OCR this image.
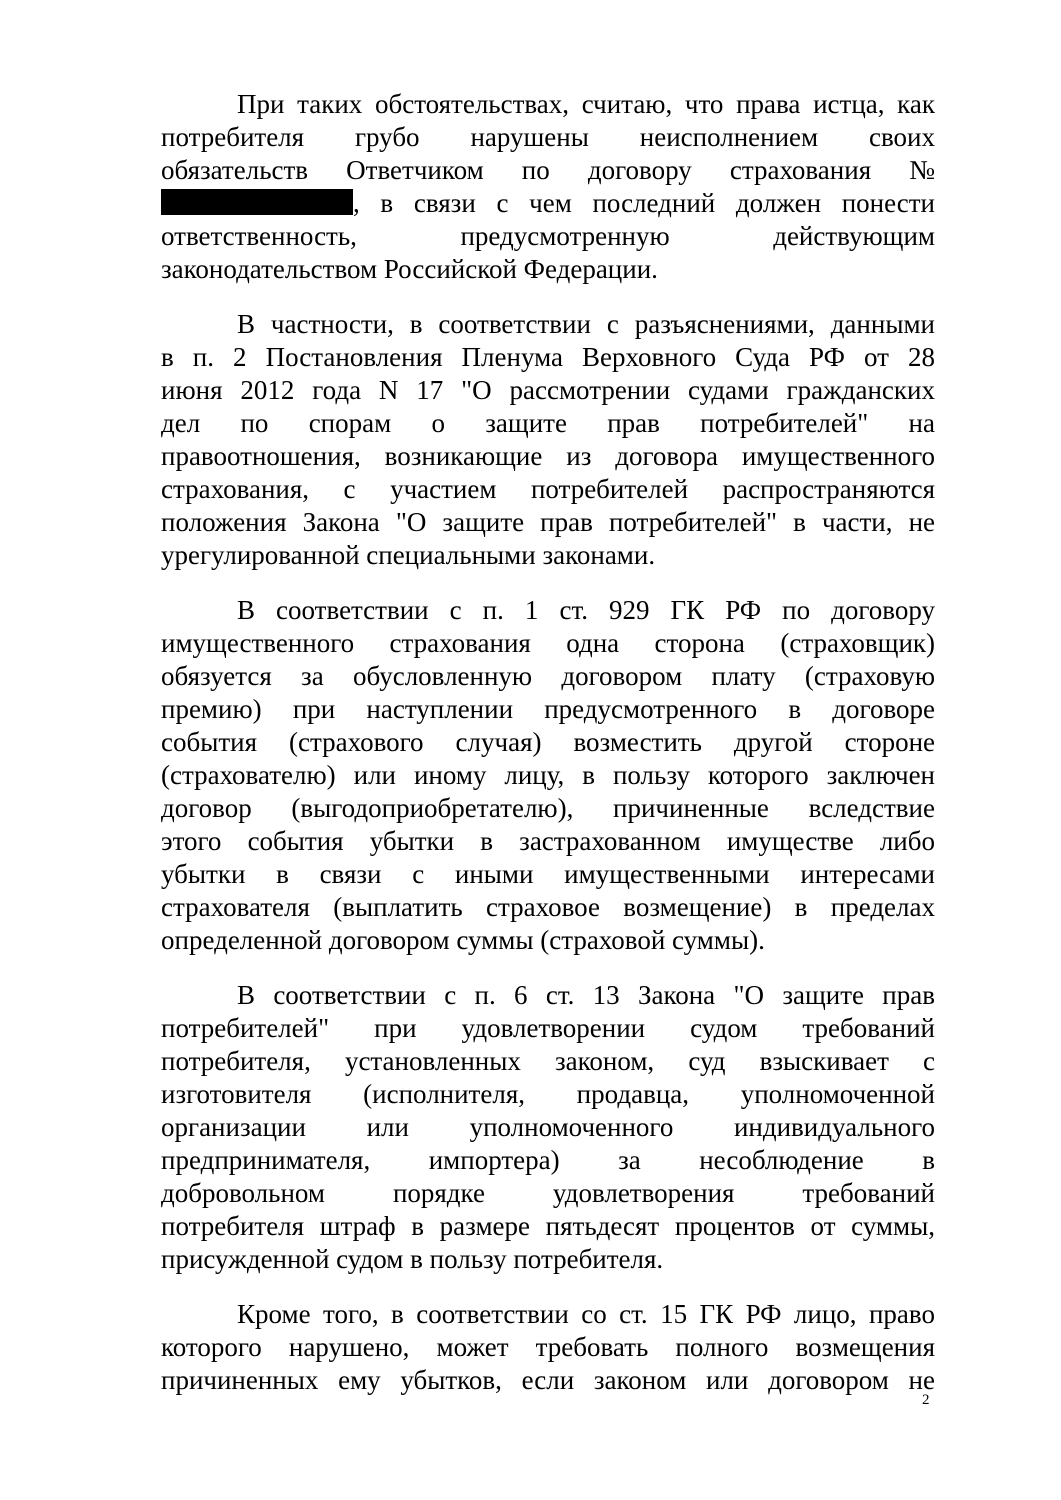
При таких обстоятельствах, считаю, что права истца, как
потребителя грубо нарушены неисполнением своих
обязательств Ответчиком по договору страхования №
, в связи с чем последний должен понести
ответственность, предусмотренную действующим
законодательством Российской Федерации.
В частности, в соответствии с разъяснениями, данными
в п. 2 Постановления Пленума Верховного Суда РФ от 28
июня 2012 года N 17 "О рассмотрении судами гражданских
дел по спорам о защите прав потребителей" на
правоотношения, возникающие из договора имущественного
страхования, с участием потребителей распространяются
положения Закона "О защите прав потребителей" в части, не
урегулированной специальными законами.
В соответствии с п. 1 ст. 929 ГК РФ по договору
имущественного страхования одна сторона (страховщик)
обязуется за обусловленную договором плату (страховую
премию) при наступлении предусмотренного в договоре
события (страхового случая) возместить другой стороне
(страхователю) или иному лицу, в пользу которого заключен
договор (выгодоприобретателю), причиненные вследствие
этого события убытки в застрахованном имуществе либо
убытки в связи с иными имущественными интересами
страхователя (выплатить страховое возмещение) в пределах
определенной договором суммы (страховой суммы).
В соответствии с п. 6 ст. 13 Закона "О защите прав
потребителей" при удовлетворении судом требований
потребителя, установленных законом, суд взыскивает с
изготовителя (исполнителя, продавца, уполномоченной
организации или уполномоченного индивидуального
предпринимателя, импортера) за несоблюдение в
добровольном порядке удовлетворения требований
потребителя штраф в размере пятьдесят процентов от суммы,
присужденной судом в пользу потребителя.
Кроме того, в соответствии со ст. 15 ГК РФ лицо, право
которого нарушено, может требовать полного возмещения
причиненных ему убытков, если законом или договором не
2
